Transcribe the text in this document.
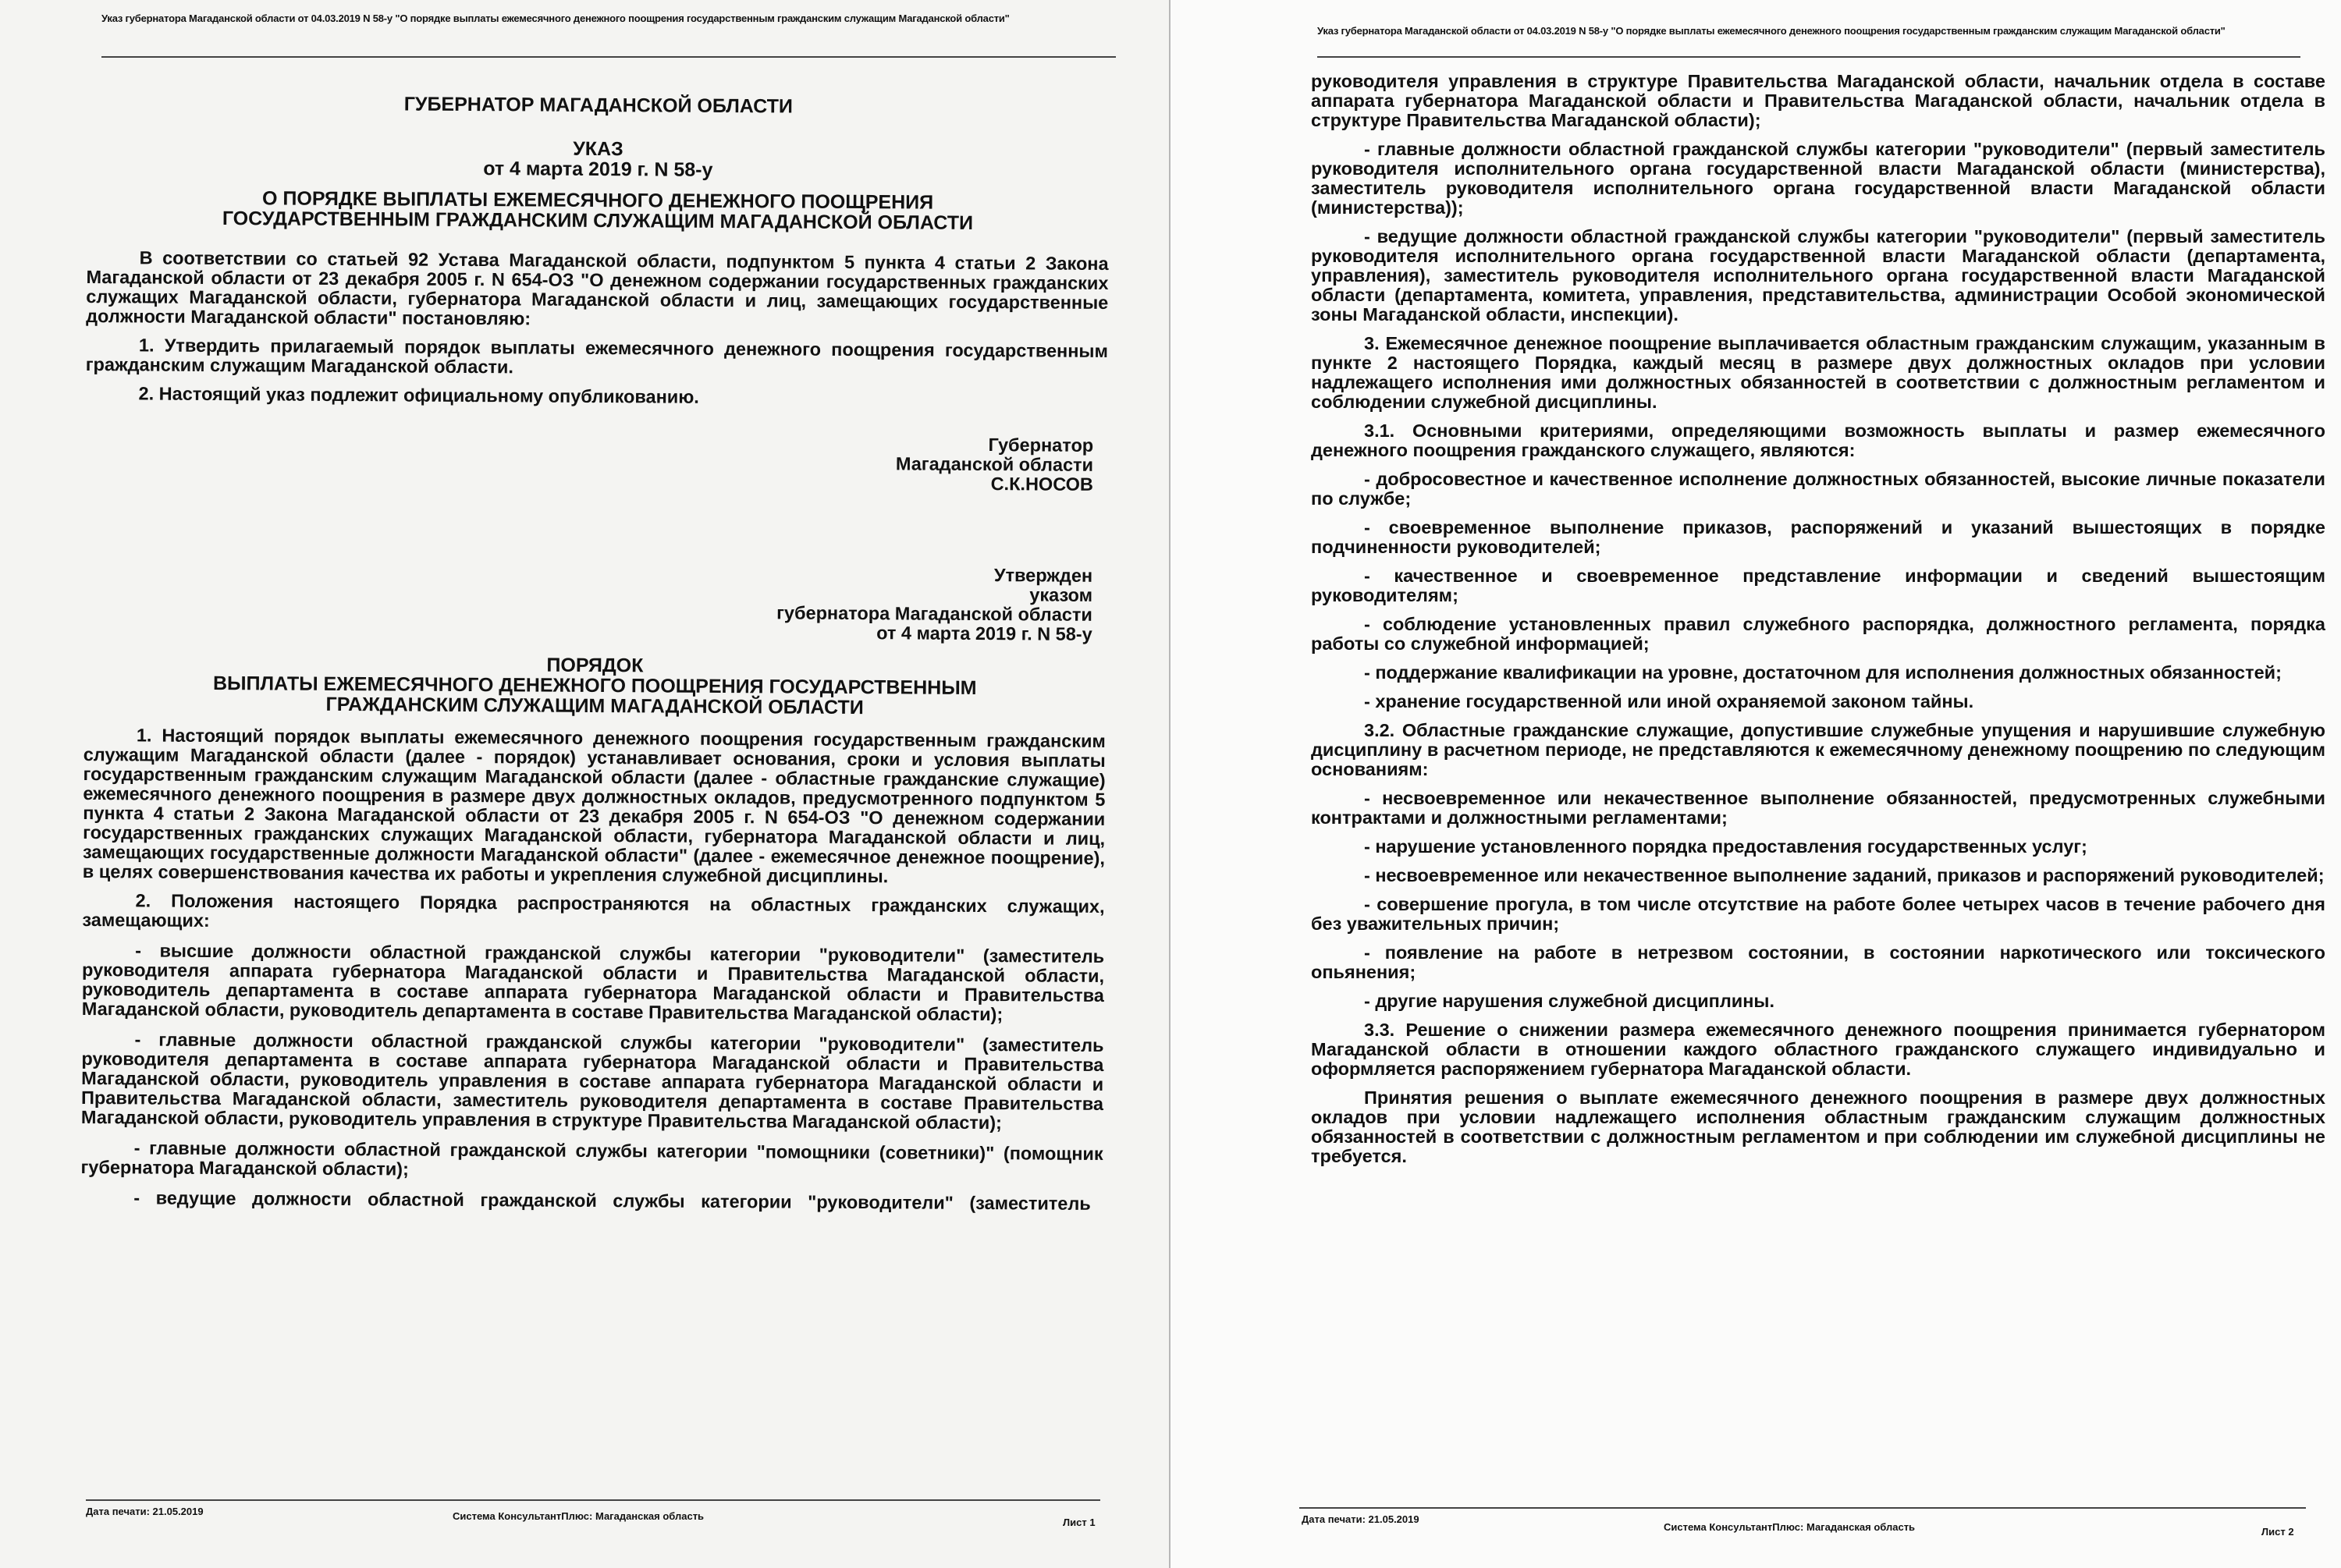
Указ губернатора Магаданской области от 04.03.2019 N 58-у "О порядке выплаты ежемесячного денежного поощрения государственным гражданским служащим Магаданской области"

ГУБЕРНАТОР МАГАДАНСКОЙ ОБЛАСТИ

УКАЗ

от 4 марта 2019 г. N 58-у

О ПОРЯДКЕ ВЫПЛАТЫ ЕЖЕМЕСЯЧНОГО ДЕНЕЖНОГО ПООЩРЕНИЯ

ГОСУДАРСТВЕННЫМ ГРАЖДАНСКИМ СЛУЖАЩИМ МАГАДАНСКОЙ ОБЛАСТИ

В соответствии со статьей 92 Устава Магаданской области, подпунктом 5 пункта 4 статьи 2 Закона Магаданской области от 23 декабря 2005 г. N 654-ОЗ "О денежном содержании государственных гражданских служащих Магаданской области, губернатора Магаданской области и лиц, замещающих государственные должности Магаданской области" постановляю:

1. Утвердить прилагаемый порядок выплаты ежемесячного денежного поощрения государственным гражданским служащим Магаданской области.

2. Настоящий указ подлежит официальному опубликованию.

Губернатор

Магаданской области

С.К.НОСОВ

Утвержден

указом

губернатора Магаданской области

от 4 марта 2019 г. N 58-у

ПОРЯДОК

ВЫПЛАТЫ ЕЖЕМЕСЯЧНОГО ДЕНЕЖНОГО ПООЩРЕНИЯ ГОСУДАРСТВЕННЫМ

ГРАЖДАНСКИМ СЛУЖАЩИМ МАГАДАНСКОЙ ОБЛАСТИ

1. Настоящий порядок выплаты ежемесячного денежного поощрения государственным гражданским служащим Магаданской области (далее - порядок) устанавливает основания, сроки и условия выплаты государственным гражданским служащим Магаданской области (далее - областные гражданские служащие) ежемесячного денежного поощрения в размере двух должностных окладов, предусмотренного подпунктом 5 пункта 4 статьи 2 Закона Магаданской области от 23 декабря 2005 г. N 654-ОЗ "О денежном содержании государственных гражданских служащих Магаданской области, губернатора Магаданской области и лиц, замещающих государственные должности Магаданской области" (далее - ежемесячное денежное поощрение), в целях совершенствования качества их работы и укрепления служебной дисциплины.

2. Положения настоящего Порядка распространяются на областных гражданских служащих, замещающих:

- высшие должности областной гражданской службы категории "руководители" (заместитель руководителя аппарата губернатора Магаданской области и Правительства Магаданской области, руководитель департамента в составе аппарата губернатора Магаданской области и Правительства Магаданской области, руководитель департамента в составе Правительства Магаданской области);

- главные должности областной гражданской службы категории "руководители" (заместитель руководителя департамента в составе аппарата губернатора Магаданской области и Правительства Магаданской области, руководитель управления в составе аппарата губернатора Магаданской области и Правительства Магаданской области, заместитель руководителя департамента в составе Правительства Магаданской области, руководитель управления в структуре Правительства Магаданской области);

- главные должности областной гражданской службы категории "помощники (советники)" (помощник губернатора Магаданской области);

- ведущие должности областной гражданской службы категории "руководители" (заместитель

Дата печати: 21.05.2019	Система КонсультантПлюс: Магаданская область
Лист 1
Указ губернатора Магаданской области от 04.03.2019 N 58-у "О порядке выплаты ежемесячного денежного поощрения государственным гражданским служащим Магаданской области"

руководителя управления в структуре Правительства Магаданской области, начальник отдела в составе аппарата губернатора Магаданской области и Правительства Магаданской области, начальник отдела в структуре Правительства Магаданской области);

- главные должности областной гражданской службы категории "руководители" (первый заместитель руководителя исполнительного органа государственной власти Магаданской области (министерства), заместитель руководителя исполнительного органа государственной власти Магаданской области (министерства));

- ведущие должности областной гражданской службы категории "руководители" (первый заместитель руководителя исполнительного органа государственной власти Магаданской области (департамента, управления), заместитель руководителя исполнительного органа государственной власти Магаданской области (департамента, комитета, управления, представительства, администрации Особой экономической зоны Магаданской области, инспекции).

3. Ежемесячное денежное поощрение выплачивается областным гражданским служащим, указанным в пункте 2 настоящего Порядка, каждый месяц в размере двух должностных окладов при условии надлежащего исполнения ими должностных обязанностей в соответствии с должностным регламентом и соблюдении служебной дисциплины.

3.1. Основными критериями, определяющими возможность выплаты и размер ежемесячного денежного поощрения гражданского служащего, являются:

- добросовестное и качественное исполнение должностных обязанностей, высокие личные показатели по службе;

- своевременное выполнение приказов, распоряжений и указаний вышестоящих в порядке подчиненности руководителей;

- качественное и своевременное представление информации и сведений вышестоящим руководителям;

- соблюдение установленных правил служебного распорядка, должностного регламента, порядка работы со служебной информацией;

- поддержание квалификации на уровне, достаточном для исполнения должностных обязанностей;

- хранение государственной или иной охраняемой законом тайны.

3.2. Областные гражданские служащие, допустившие служебные упущения и нарушившие служебную дисциплину в расчетном периоде, не представляются к ежемесячному денежному поощрению по следующим основаниям:

- несвоевременное или некачественное выполнение обязанностей, предусмотренных служебными контрактами и должностными регламентами;

- нарушение установленного порядка предоставления государственных услуг;

- несвоевременное или некачественное выполнение заданий, приказов и распоряжений руководителей;

- совершение прогула, в том числе отсутствие на работе более четырех часов в течение рабочего дня без уважительных причин;

- появление на работе в нетрезвом состоянии, в состоянии наркотического или токсического опьянения;

- другие нарушения служебной дисциплины.

3.3. Решение о снижении размера ежемесячного денежного поощрения принимается губернатором Магаданской области в отношении каждого областного гражданского служащего индивидуально и оформляется распоряжением губернатора Магаданской области.

Принятия решения о выплате ежемесячного денежного поощрения в размере двух должностных окладов при условии надлежащего исполнения областным гражданским служащим должностных обязанностей в соответствии с должностным регламентом и при соблюдении им служебной дисциплины не требуется.

Дата печати: 21.05.2019
Система КонсультантПлюс: Магаданская область	Лист 2
